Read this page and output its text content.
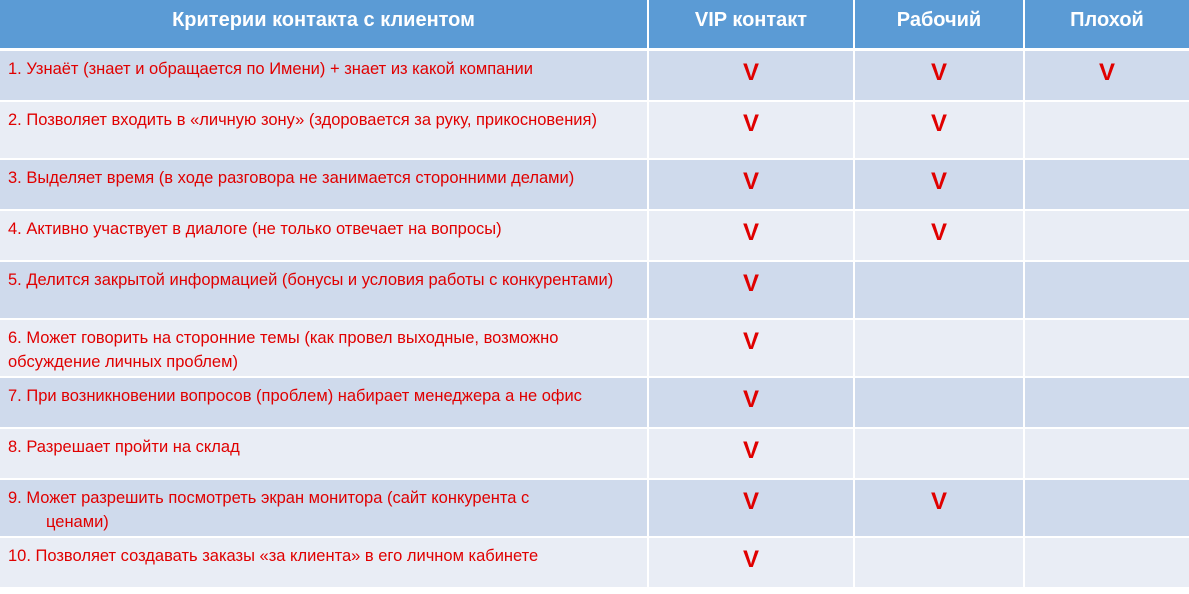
Критерии контакта с клиентом	VIP контакт	Рабочий	Плохой
1. Узнаёт (знает и обращается по Имени) + знает из какой компании	V	V	V
2. Позволяет входить в «личную зону» (здоровается за руку, прикосновения)	V	V	
3. Выделяет время (в ходе разговора не занимается сторонними делами)	V	V	
4. Активно участвует в диалоге (не только отвечает на вопросы)	V	V	
5. Делится закрытой информацией (бонусы и условия работы с конкурентами)	V		
6. Может говорить на сторонние темы (как провел выходные, возможно обсуждение личных проблем)	V		
7. При возникновении вопросов (проблем) набирает менеджера а не офис	V		
8. Разрешает пройти на склад	V		
9. Может разрешить посмотреть экран монитора (сайт конкурента с
ценами)	V	V	
10. Позволяет создавать заказы «за клиента» в его личном кабинете	V		
